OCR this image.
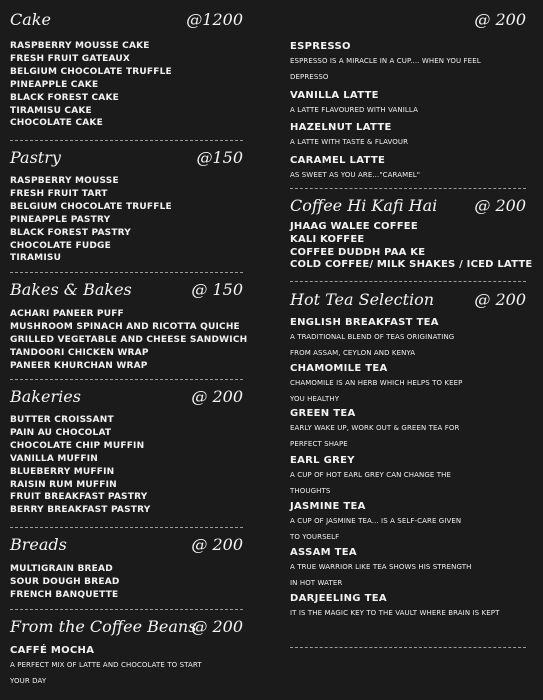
Cake	@1200
RASPBERRY MOUSSE CAKE
FRESH FRUIT GATEAUX
BELGIUM CHOCOLATE TRUFFLE
PINEAPPLE CAKE
BLACK FOREST CAKE
TIRAMISU CAKE
CHOCOLATE CAKE
Pastry	@150
RASPBERRY MOUSSE
FRESH FRUIT TART
BELGIUM CHOCOLATE TRUFFLE
PINEAPPLE PASTRY
BLACK FOREST PASTRY
CHOCOLATE FUDGE
TIRAMISU
Bakes & Bakes	@ 150
ACHARI PANEER PUFF
MUSHROOM SPINACH AND RICOTTA QUICHE
GRILLED VEGETABLE AND CHEESE SANDWICH
TANDOORI CHICKEN WRAP
PANEER KHURCHAN WRAP
Bakeries	@ 200
BUTTER CROISSANT
PAIN AU CHOCOLAT
CHOCOLATE CHIP MUFFIN
VANILLA MUFFIN
BLUEBERRY MUFFIN
RAISIN RUM MUFFIN
FRUIT BREAKFAST PASTRY
BERRY BREAKFAST PASTRY
Breads	@ 200
MULTIGRAIN BREAD
SOUR DOUGH BREAD
FRENCH BANQUETTE
From the Coffee Beans
@ 200
CAFFÉ MOCHA
A PERFECT MIX OF LATTE AND CHOCOLATE TO START
YOUR DAY
@ 200
ESPRESSO
ESPRESSO IS A MIRACLE IN A CUP.... WHEN YOU FEEL
DEPRESSO
VANILLA LATTE
A LATTE FLAVOURED WITH VANILLA
HAZELNUT LATTE
A LATTE WITH TASTE & FLAVOUR
CARAMEL LATTE
AS SWEET AS YOU ARE..."CARAMEL"
Coffee Hi Kafi Hai @ 200
JHAAG WALEE COFFEE
KALI KOFFEE
COFFEE DUDDH PAA KE
COLD COFFEE/ MILK SHAKES / ICED LATTE
Hot Tea Selection	@ 200
ENGLISH BREAKFAST TEA
A TRADITIONAL BLEND OF TEAS ORIGINATING
FROM ASSAM, CEYLON AND KENYA
CHAMOMILE TEA
CHAMOMILE IS AN HERB WHICH HELPS TO KEEP
YOU HEALTHY
GREEN TEA
EARLY WAKE UP, WORK OUT & GREEN TEA FOR
PERFECT SHAPE
EARL GREY
A CUP OF HOT EARL GREY CAN CHANGE THE
THOUGHTS
JASMINE TEA
A CUP OF JASMINE TEA... IS A SELF-CARE GIVEN
TO YOURSELF
ASSAM TEA
A TRUE WARRIOR LIKE TEA SHOWS HIS STRENGTH
IN HOT WATER
DARJEELING TEA
IT IS THE MAGIC KEY TO THE VAULT WHERE BRAIN IS KEPT
